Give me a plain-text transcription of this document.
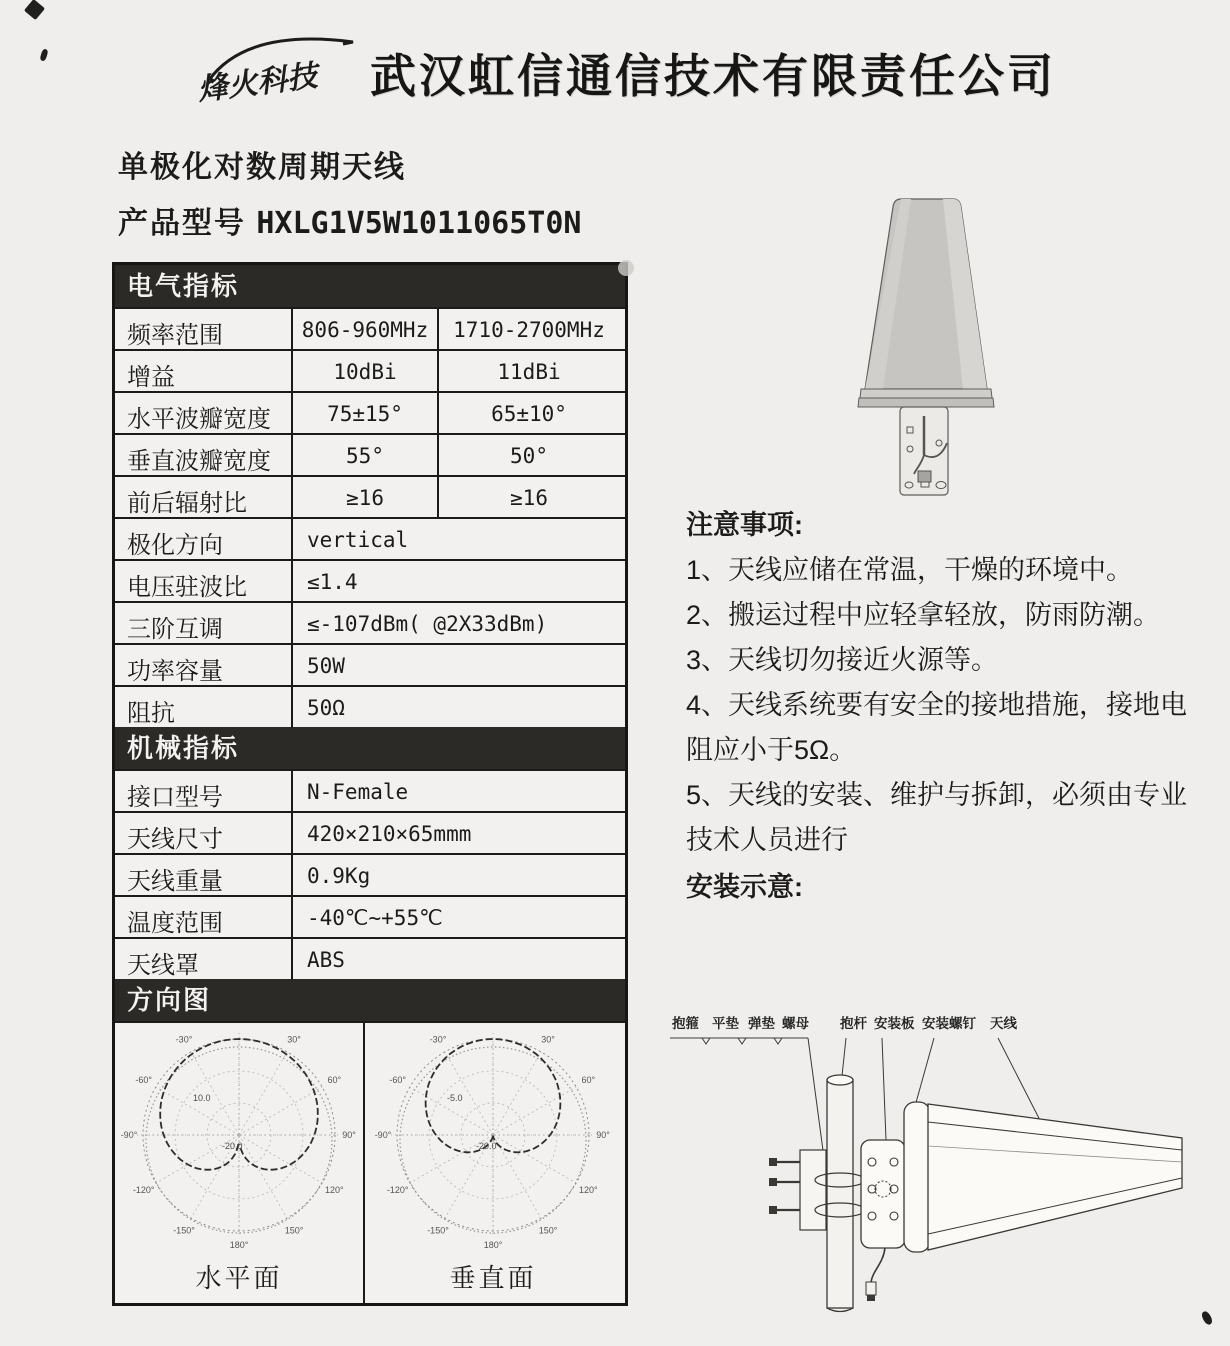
烽火科技 武汉虹信通信技术有限责任公司
单极化对数周期天线
产品型号 HXLG1V5W1011065T0N
电气指标
频率范围	806-960MHz	1710-2700MHz
增益	10dBi	11dBi
水平波瓣宽度	75±15°	65±10°
垂直波瓣宽度	55°	50°
前后辐射比	≥16	≥16
极化方向	vertical
电压驻波比	≤1.4
三阶互调	≤-107dBm( @2X33dBm)
功率容量	50W
阻抗	50Ω
机械指标
接口型号	N-Female
天线尺寸	420×210×65mmm
天线重量	0.9Kg
温度范围	-40℃~+55℃
天线罩	ABS
方向图
30°
60°
90°
120°
150°
180°
-150°
-120°
-90°
-60°
-30°
10.0
-20.0
水平面
30°
60°
90°
120°
150°
180°
-150°
-120°
-90°
-60°
-30°
-5.0
-20.0
垂直面
注意事项:

1、天线应储在常温，干燥的环境中。

2、搬运过程中应轻拿轻放，防雨防潮。

3、天线切勿接近火源等。

4、天线系统要有安全的接地措施，接地电阻应小于5Ω。

5、天线的安装、维护与拆卸，必须由专业技术人员进行

安装示意:
抱箍 平垫 弹垫 螺母 抱杆 安装板 安装螺钉 天线
